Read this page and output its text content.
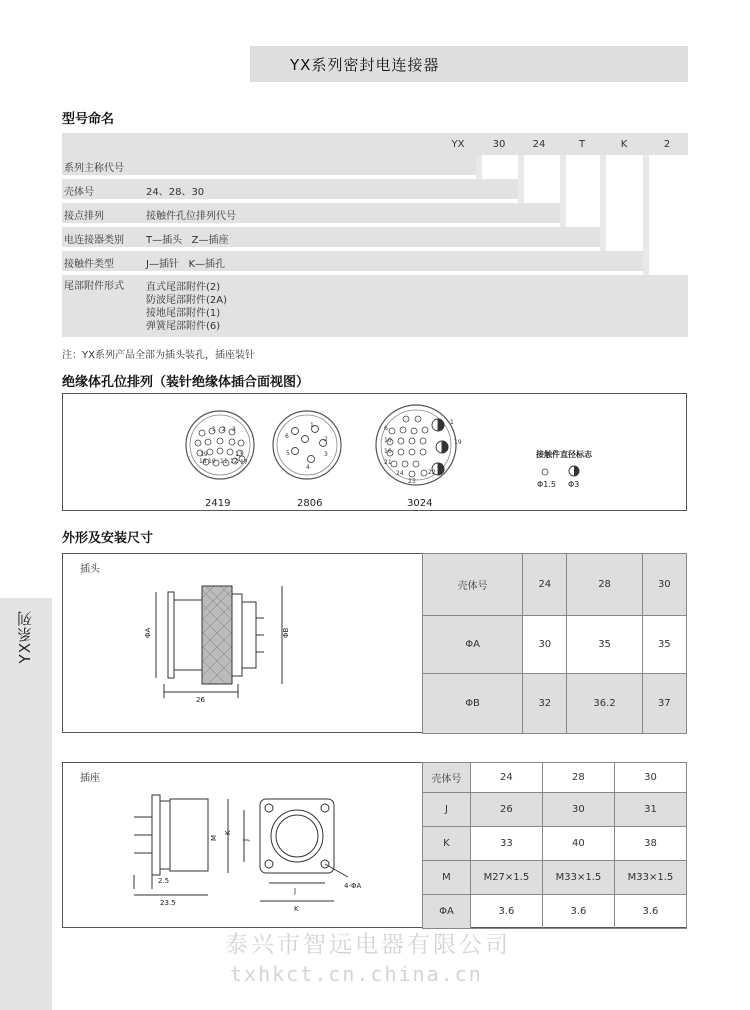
YX系列密封电连接器
型号命名
YX	30	24	T	K	2
系列主称代号
壳体号	24、28、30
接点排列	接触件孔位排列代号
电连接器类别 T—插头   Z—插座
接触件类型	J—插针   K—插孔
尾部附件形式 直式尾部附件(2)
防波尾部附件(2A)
接地尾部附件(1)
弹簧尾部附件(6)
注：YX系列产品全部为插头装孔，插座装针
绝缘体孔位排列（装针绝缘体插合面视图）
18 10 11 12
19	13
17
1 2 3
6
1
2
5	3
4
1
6
10
16
21
24	22
23
19
接触件直径标志
Φ1.5 Φ3
2419	2806	3024
外形及安装尺寸
插头
ΦA	ΦB
26
壳体号	24	28	30
ΦA	30	35	35
ΦB	32	36.2	37
插座
M
K
J
4-ΦA
2.5
23.5
J
K
壳体号	24	28	30
J	26	30	31
K	33	40	38
M	M27×1.5	M33×1.5	M33×1.5
ΦA	3.6	3.6	3.6
YX系列
泰兴市智远电器有限公司
txhkct.cn.china.cn
